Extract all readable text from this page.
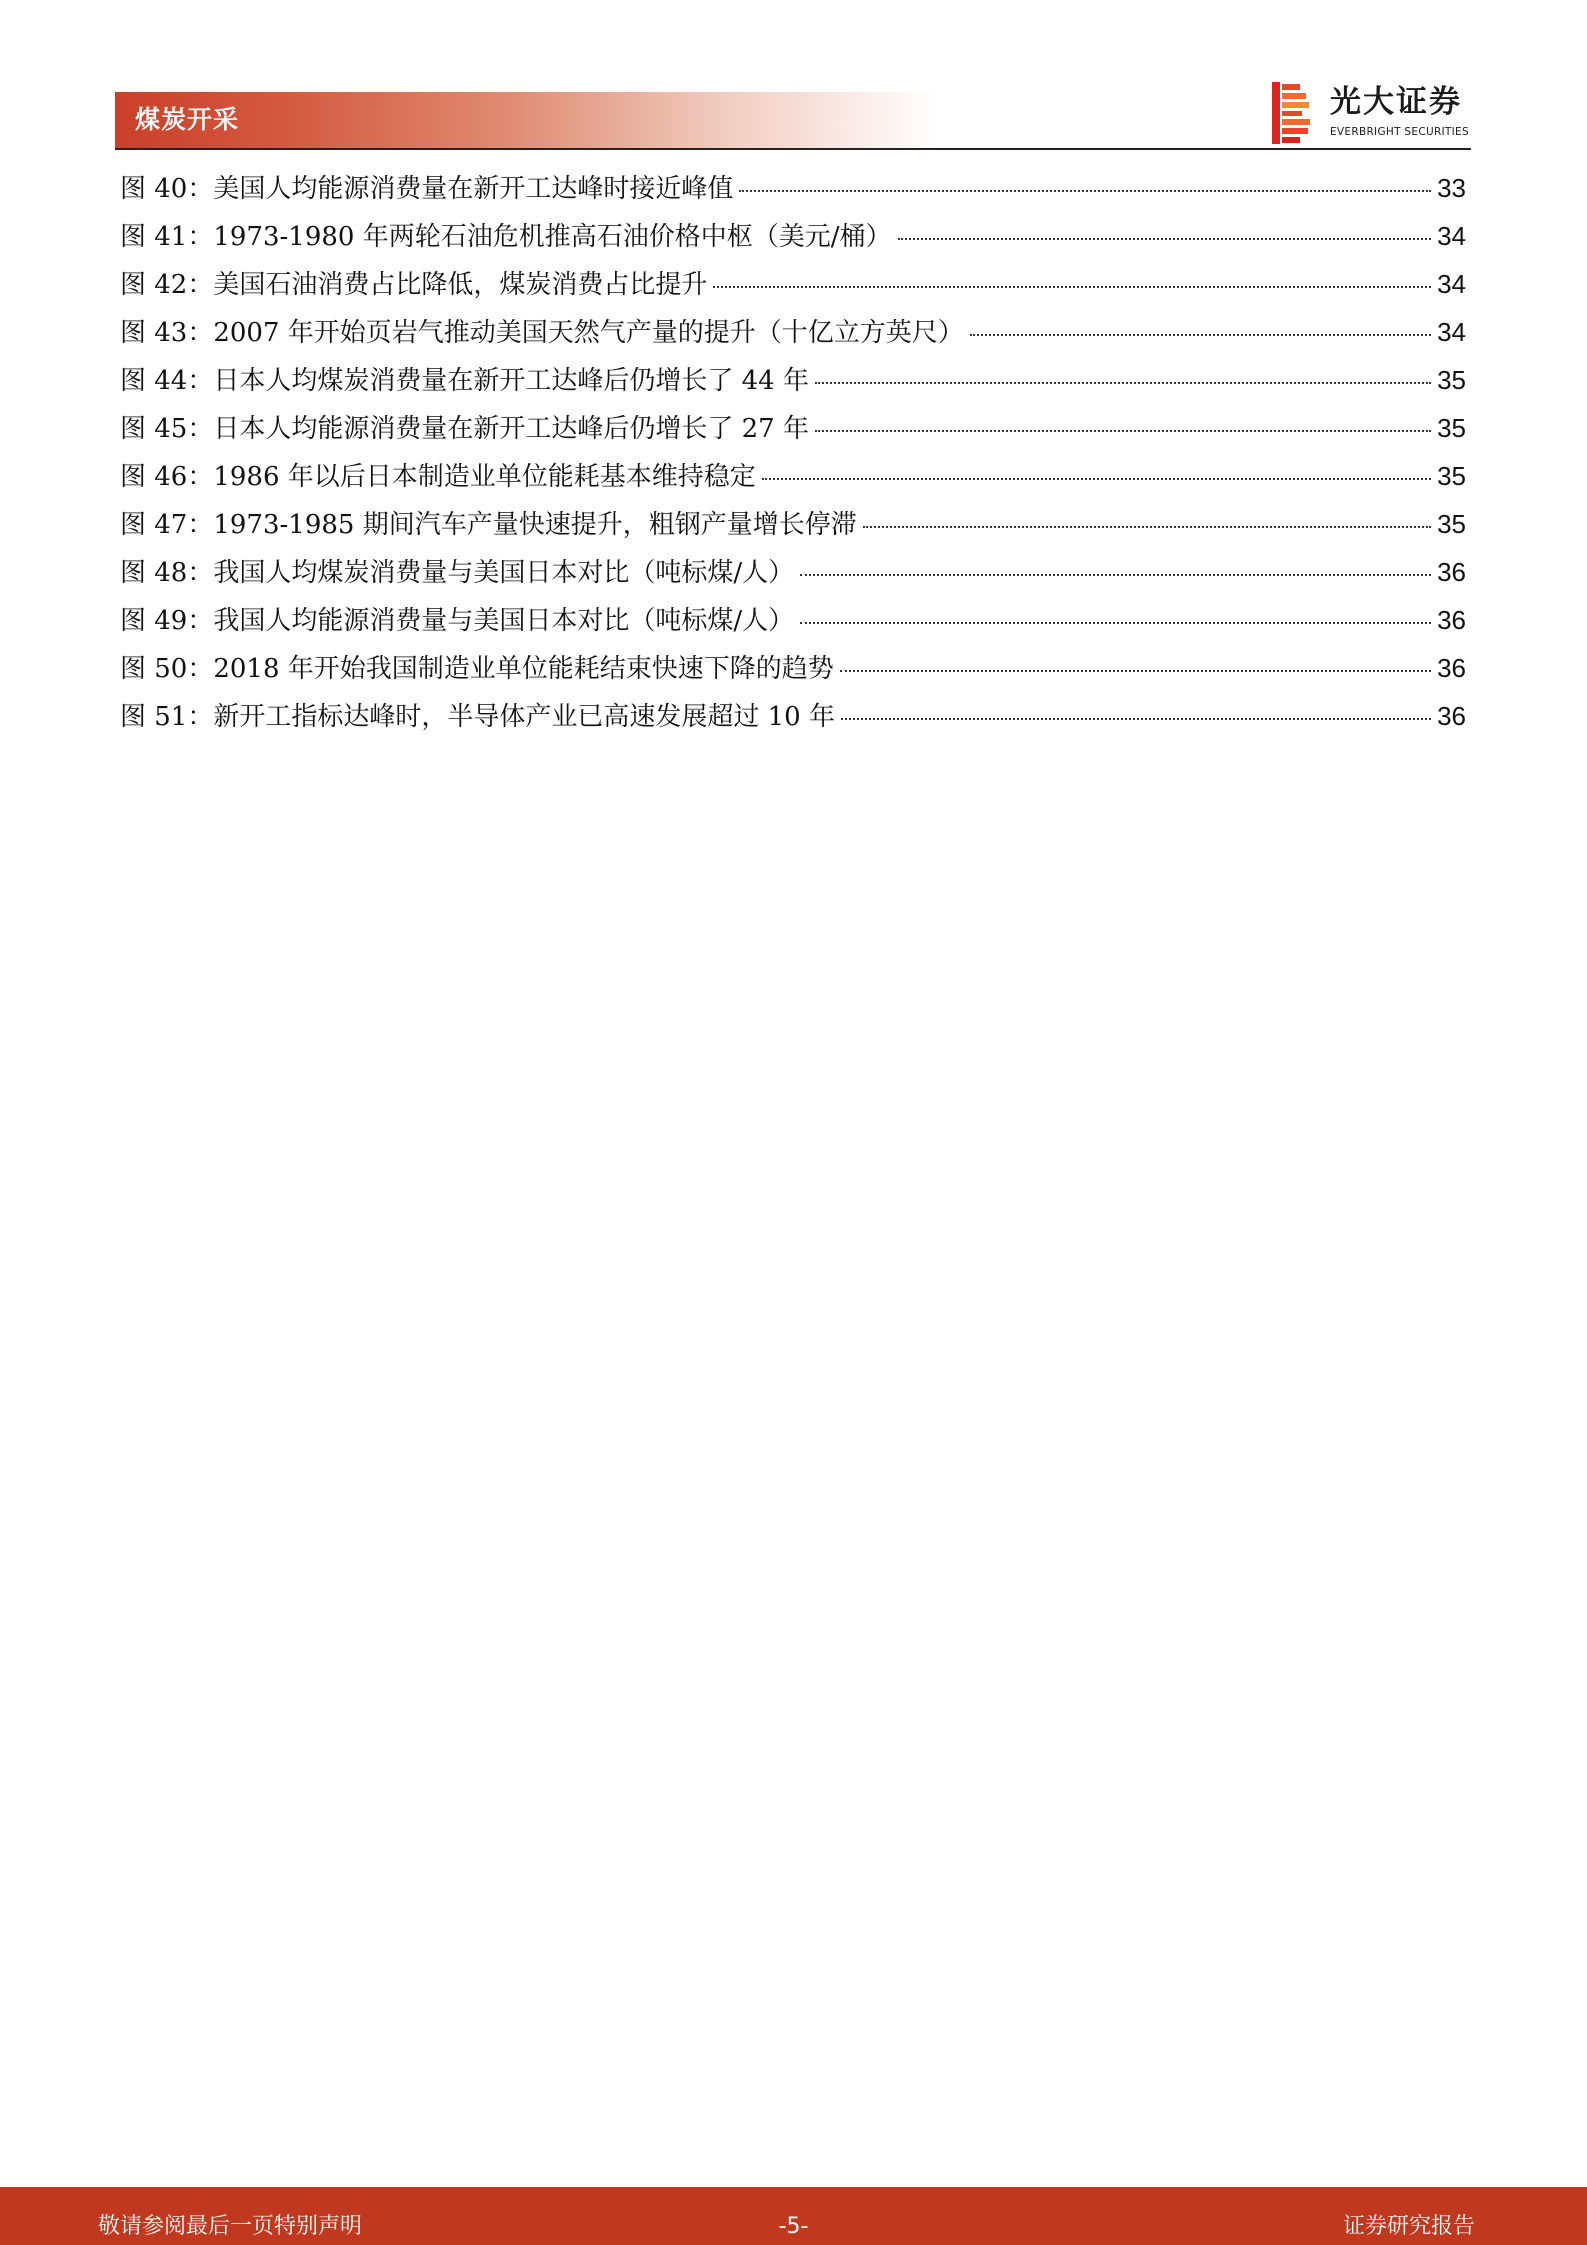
煤炭开采	光大证券
EVERBRIGHT SECURITIES
图 40：美国人均能源消费量在新开工达峰时接近峰值	33
图 41：1973-1980 年两轮石油危机推高石油价格中枢（美元/桶）	34
图 42：美国石油消费占比降低，煤炭消费占比提升	34
图 43：2007 年开始页岩气推动美国天然气产量的提升（十亿立方英尺）	34
图 44：日本人均煤炭消费量在新开工达峰后仍增长了 44 年	35
图 45：日本人均能源消费量在新开工达峰后仍增长了 27 年	35
图 46：1986 年以后日本制造业单位能耗基本维持稳定	35
图 47：1973-1985 期间汽车产量快速提升，粗钢产量增长停滞	35
图 48：我国人均煤炭消费量与美国日本对比（吨标煤/人）	36
图 49：我国人均能源消费量与美国日本对比（吨标煤/人）	36
图 50：2018 年开始我国制造业单位能耗结束快速下降的趋势	36
图 51：新开工指标达峰时，半导体产业已高速发展超过 10 年	36
敬请参阅最后一页特别声明	-5-	证券研究报告
